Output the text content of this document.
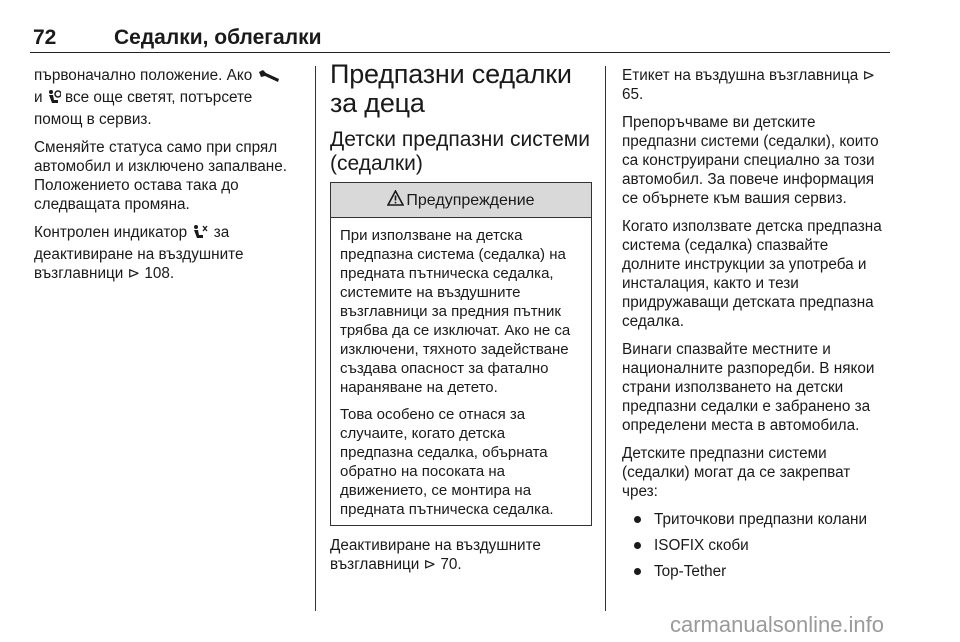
72	Седалки, облегалки

първоначално положение. Ако
и  все още светят, потърсете помощ в сервиз.

Сменяйте статуса само при спрял автомобил и изключено запалване. Положението остава така до следващата промяна.

Контролен индикатор  за деактивиране на въздушните възглавници ⊳ 108.

Предпазни седалки за деца
Детски предпазни системи (седалки)
Предупреждение

При използване на детска предпазна система (седалка) на предната пътническа седалка, системите на въздушните възглавници за предния пътник трябва да се изключат. Ако не са изключени, тяхното задействане създава опасност за фатално нараняване на детето.

Това особено се отнася за случаите, когато детска предпазна седалка, обърната обратно на посоката на движението, се монтира на предната пътническа седалка.

Деактивиране на въздушните възглавници ⊳ 70.

Етикет на въздушна възглавница ⊳ 65.

Препоръчваме ви детските предпазни системи (седалки), които са конструирани специално за този автомобил. За повече информация се обърнете към вашия сервиз.

Когато използвате детска предпазна система (седалка) спазвайте долните инструкции за употреба и инсталация, както и тези придружаващи детската предпазна седалка.

Винаги спазвайте местните и националните разпоредби. В някои страни използването на детски предпазни седалки е забранено за определени места в автомобила.

Детските предпазни системи (седалки) могат да се закрепват чрез:

Триточкови предпазни колани
ISOFIX скоби
Top-Tether
carmanualsonline.info
